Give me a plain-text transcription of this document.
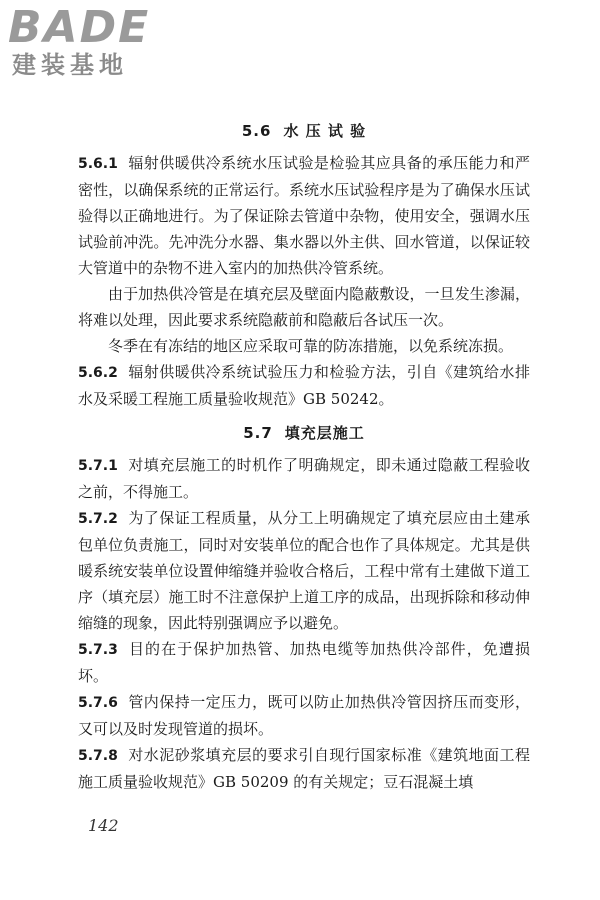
BADE
建装基地
5.6 水 压 试 验

5.6.1 辐射供暖供冷系统水压试验是检验其应具备的承压能力和严密性，以确保系统的正常运行。系统水压试验程序是为了确保水压试验得以正确地进行。为了保证除去管道中杂物，使用安全，强调水压试验前冲洗。先冲洗分水器、集水器以外主供、回水管道，以保证较大管道中的杂物不进入室内的加热供冷管系统。

由于加热供冷管是在填充层及壁面内隐蔽敷设，一旦发生渗漏，将难以处理，因此要求系统隐蔽前和隐蔽后各试压一次。

冬季在有冻结的地区应采取可靠的防冻措施，以免系统冻损。

5.6.2 辐射供暖供冷系统试验压力和检验方法，引自《建筑给水排水及采暖工程施工质量验收规范》GB 50242。

5.7 填充层施工

5.7.1 对填充层施工的时机作了明确规定，即未通过隐蔽工程验收之前，不得施工。

5.7.2 为了保证工程质量，从分工上明确规定了填充层应由土建承包单位负责施工，同时对安装单位的配合也作了具体规定。尤其是供暖系统安装单位设置伸缩缝并验收合格后，工程中常有土建做下道工序（填充层）施工时不注意保护上道工序的成品，出现拆除和移动伸缩缝的现象，因此特别强调应予以避免。

5.7.3 目的在于保护加热管、加热电缆等加热供冷部件，免遭损坏。

5.7.6 管内保持一定压力，既可以防止加热供冷管因挤压而变形，又可以及时发现管道的损坏。

5.7.8 对水泥砂浆填充层的要求引自现行国家标准《建筑地面工程施工质量验收规范》GB 50209 的有关规定；豆石混凝土填

142
